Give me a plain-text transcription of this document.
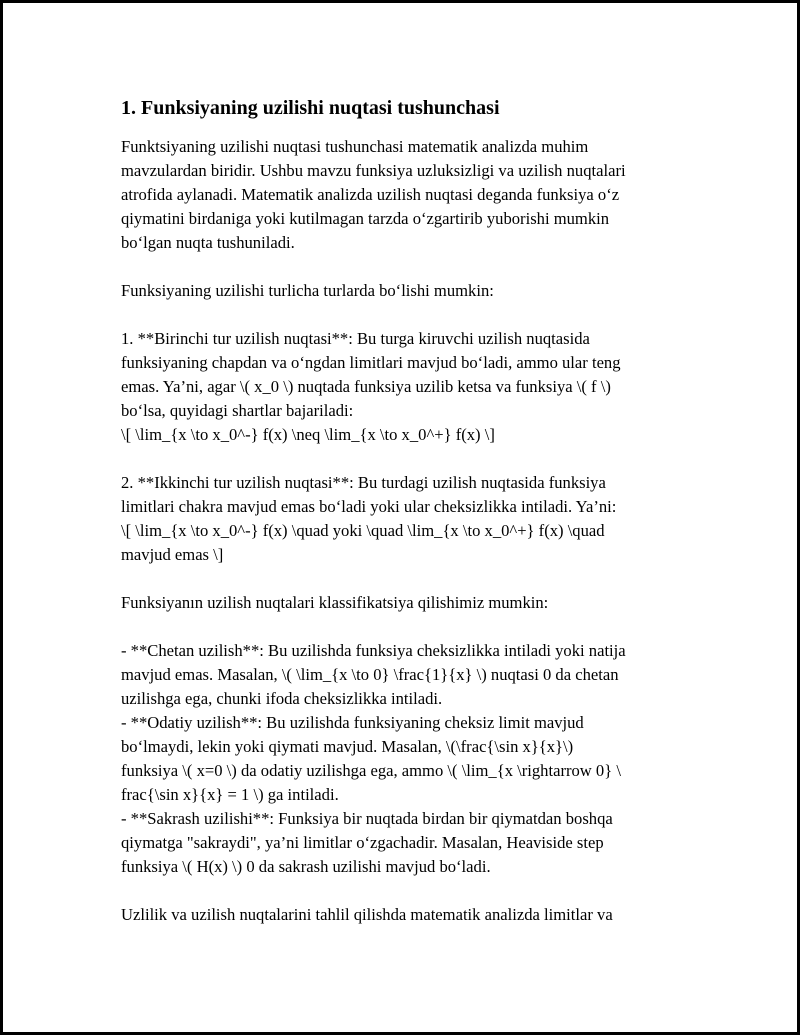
1. Funksiyaning uzilishi nuqtasi tushunchasi
Funktsiyaning uzilishi nuqtasi tushunchasi matematik analizda muhim
mavzulardan biridir. Ushbu mavzu funksiya uzluksizligi va uzilish nuqtalari
atrofida aylanadi. Matematik analizda uzilish nuqtasi deganda funksiya o‘z
qiymatini birdaniga yoki kutilmagan tarzda o‘zgartirib yuborishi mumkin
bo‘lgan nuqta tushuniladi.
Funksiyaning uzilishi turlicha turlarda bo‘lishi mumkin:
1. **Birinchi tur uzilish nuqtasi**: Bu turga kiruvchi uzilish nuqtasida
funksiyaning chapdan va o‘ngdan limitlari mavjud bo‘ladi, ammo ular teng
emas. Ya’ni, agar \( x_0 \) nuqtada funksiya uzilib ketsa va funksiya \( f \)
bo‘lsa, quyidagi shartlar bajariladi:
\[ \lim_{x \to x_0^-} f(x) \neq \lim_{x \to x_0^+} f(x) \]
2. **Ikkinchi tur uzilish nuqtasi**: Bu turdagi uzilish nuqtasida funksiya
limitlari chakra mavjud emas bo‘ladi yoki ular cheksizlikka intiladi. Ya’ni:
\[ \lim_{x \to x_0^-} f(x) \quad yoki \quad \lim_{x \to x_0^+} f(x) \quad
mavjud emas \]
Funksiyanın uzilish nuqtalari klassifikatsiya qilishimiz mumkin:
- **Chetan uzilish**: Bu uzilishda funksiya cheksizlikka intiladi yoki natija
mavjud emas. Masalan, \( \lim_{x \to 0} \frac{1}{x} \) nuqtasi 0 da chetan
uzilishga ega, chunki ifoda cheksizlikka intiladi.
- **Odatiy uzilish**: Bu uzilishda funksiyaning cheksiz limit mavjud
bo‘lmaydi, lekin yoki qiymati mavjud. Masalan, \(\frac{\sin x}{x}\)
funksiya \( x=0 \) da odatiy uzilishga ega, ammo \( \lim_{x \rightarrow 0} \
frac{\sin x}{x} = 1 \) ga intiladi.
- **Sakrash uzilishi**: Funksiya bir nuqtada birdan bir qiymatdan boshqa
qiymatga "sakraydi", ya’ni limitlar o‘zgachadir. Masalan, Heaviside step
funksiya \( H(x) \) 0 da sakrash uzilishi mavjud bo‘ladi.
Uzlilik va uzilish nuqtalarini tahlil qilishda matematik analizda limitlar va
